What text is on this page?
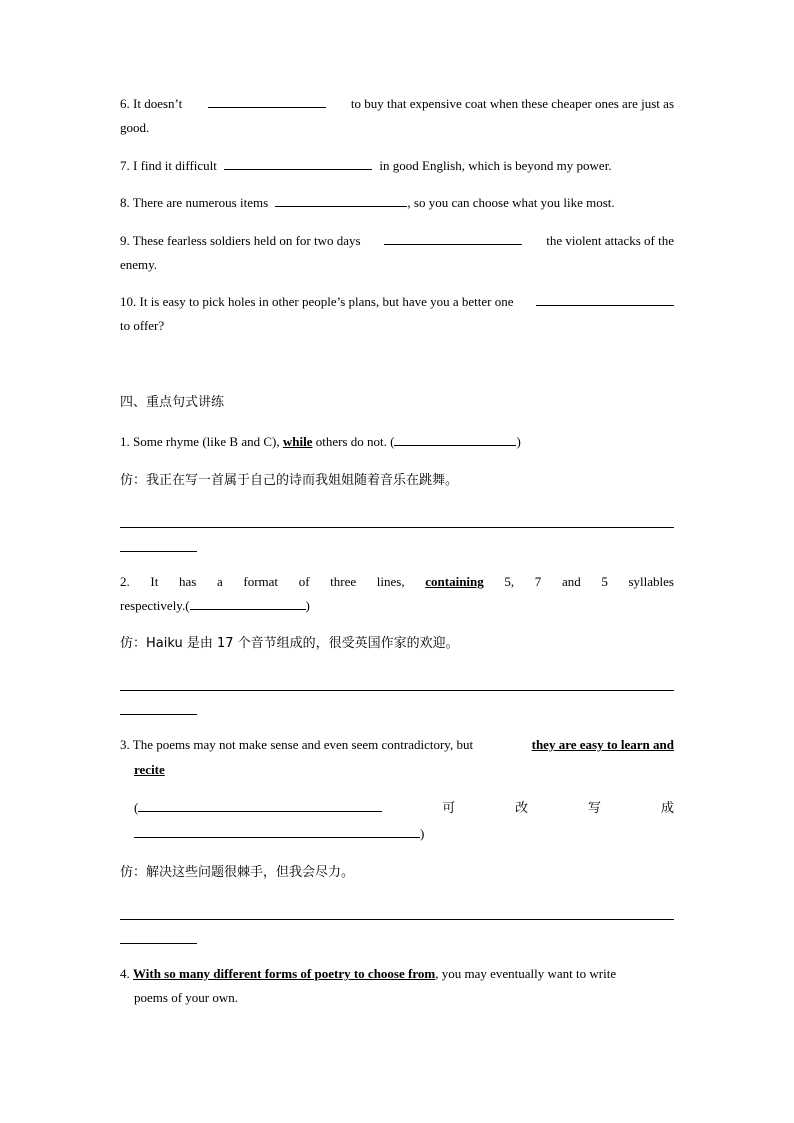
6. It doesn’t	to buy that expensive coat when these cheaper ones are just as
good.
7. I find it difficult	in good English, which is beyond my power.
8. There are numerous items	, so you can choose what you like most.
9. These fearless soldiers held on for two days	the violent attacks of the
enemy.
10. It is easy to pick holes in other people’s plans, but have you a better one
to offer?
四、重点句式讲练
1. Some rhyme (like B and C), while others do not. (	)
仿：我正在写一首属于自己的诗而我姐姐随着音乐在跳舞。
2. It has a format of three lines, containing 5, 7 and 5 syllables
respectively.(	)
仿：Haiku 是由 17 个音节组成的，很受英国作家的欢迎。
3. The poems may not make sense and even seem contradictory, but	they are easy to learn and
recite
(	可	改	写	成
)
仿：解决这些问题很棘手，但我会尽力。
4. With so many different forms of poetry to choose from, you may eventually want to write
poems of your own.
